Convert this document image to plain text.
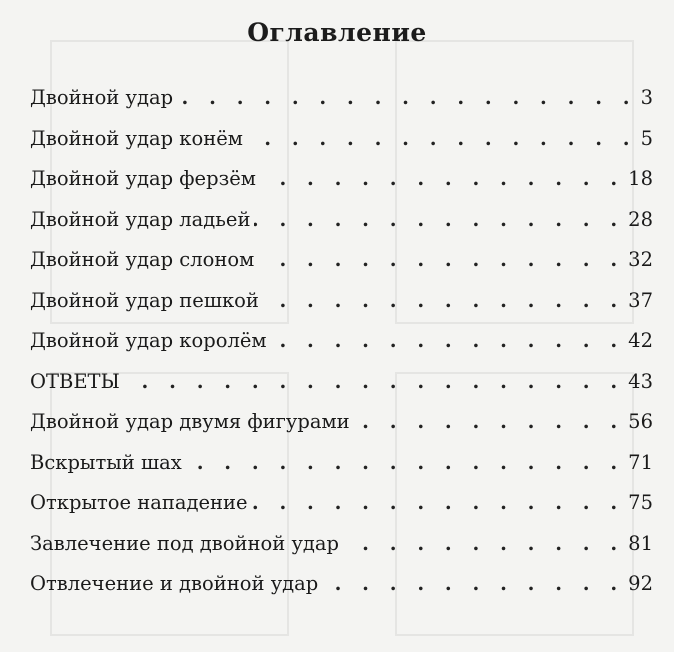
Оглавление
Двойной удар . . .	3
Двойной удар конём . . .	5
Двойной удар ферзём . . .	18
Двойной удар ладьей . . .	28
Двойной удар слоном . . .	32
Двойной удар пешкой . . .	37
Двойной удар королём . . .	42
ОТВЕТЫ . . .	43
Двойной удар двумя фигурами . . .	56
Вскрытый шах . . .	71
Открытое нападение . . .	75
Завлечение под двойной удар . . .	81
Отвлечение и двойной удар . . .	92
